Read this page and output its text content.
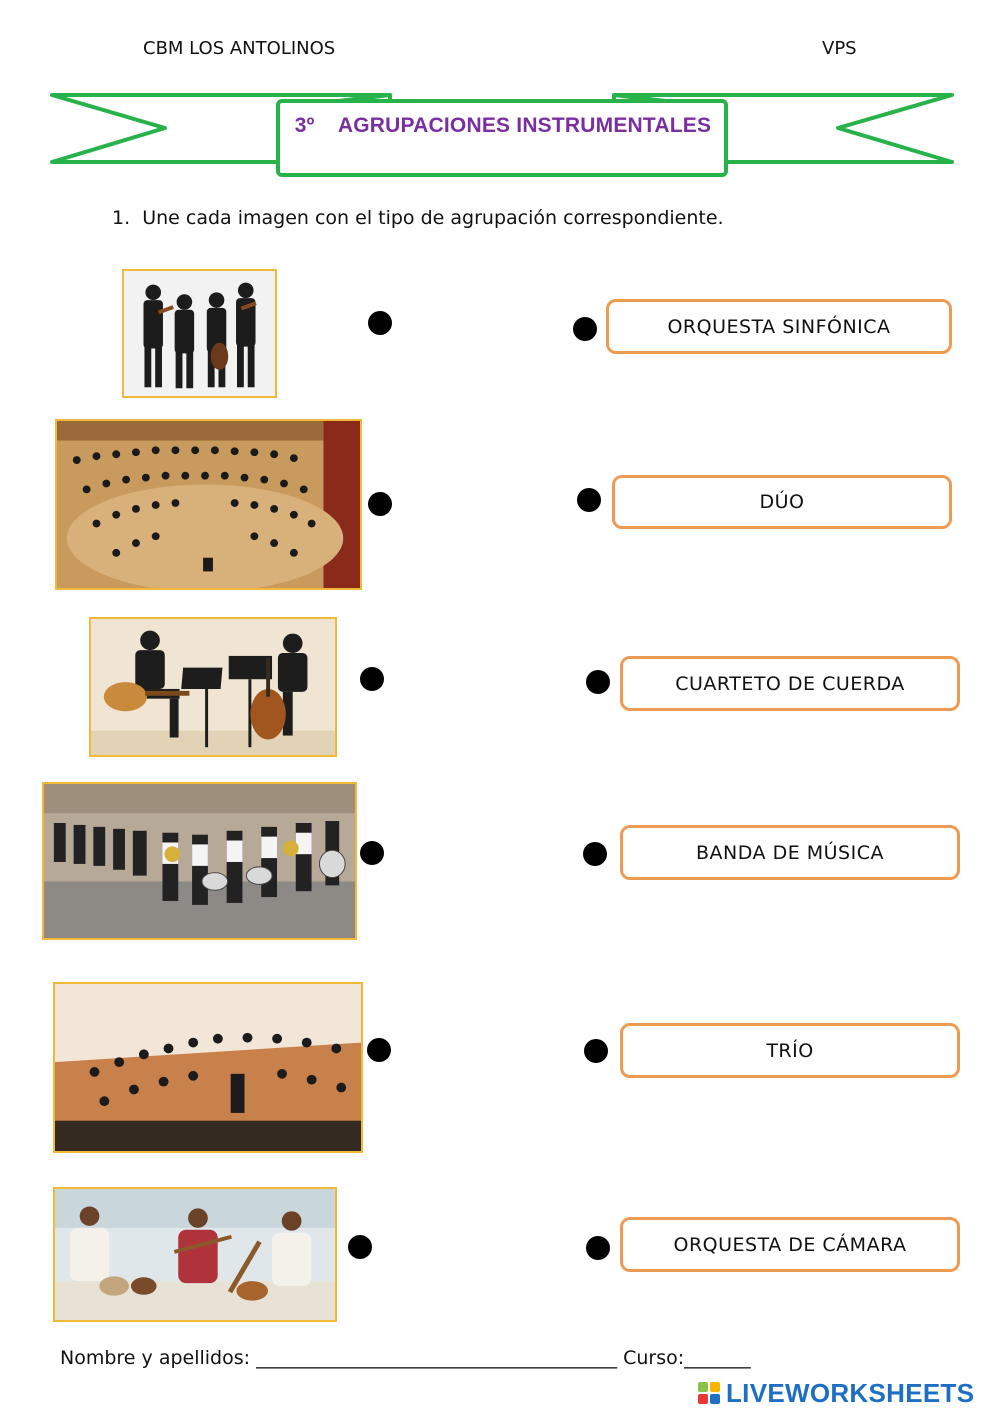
CBM LOS ANTOLINOS	VPS
3º    AGRUPACIONES INSTRUMENTALES
1.  Une cada imagen con el tipo de agrupación correspondiente.
ORQUESTA SINFÓNICA
DÚO
CUARTETO DE CUERDA
BANDA DE MÚSICA
TRÍO
ORQUESTA DE CÁMARA
Nombre y apellidos: ______________________________________ Curso:_______
LIVEWORKSHEETS
